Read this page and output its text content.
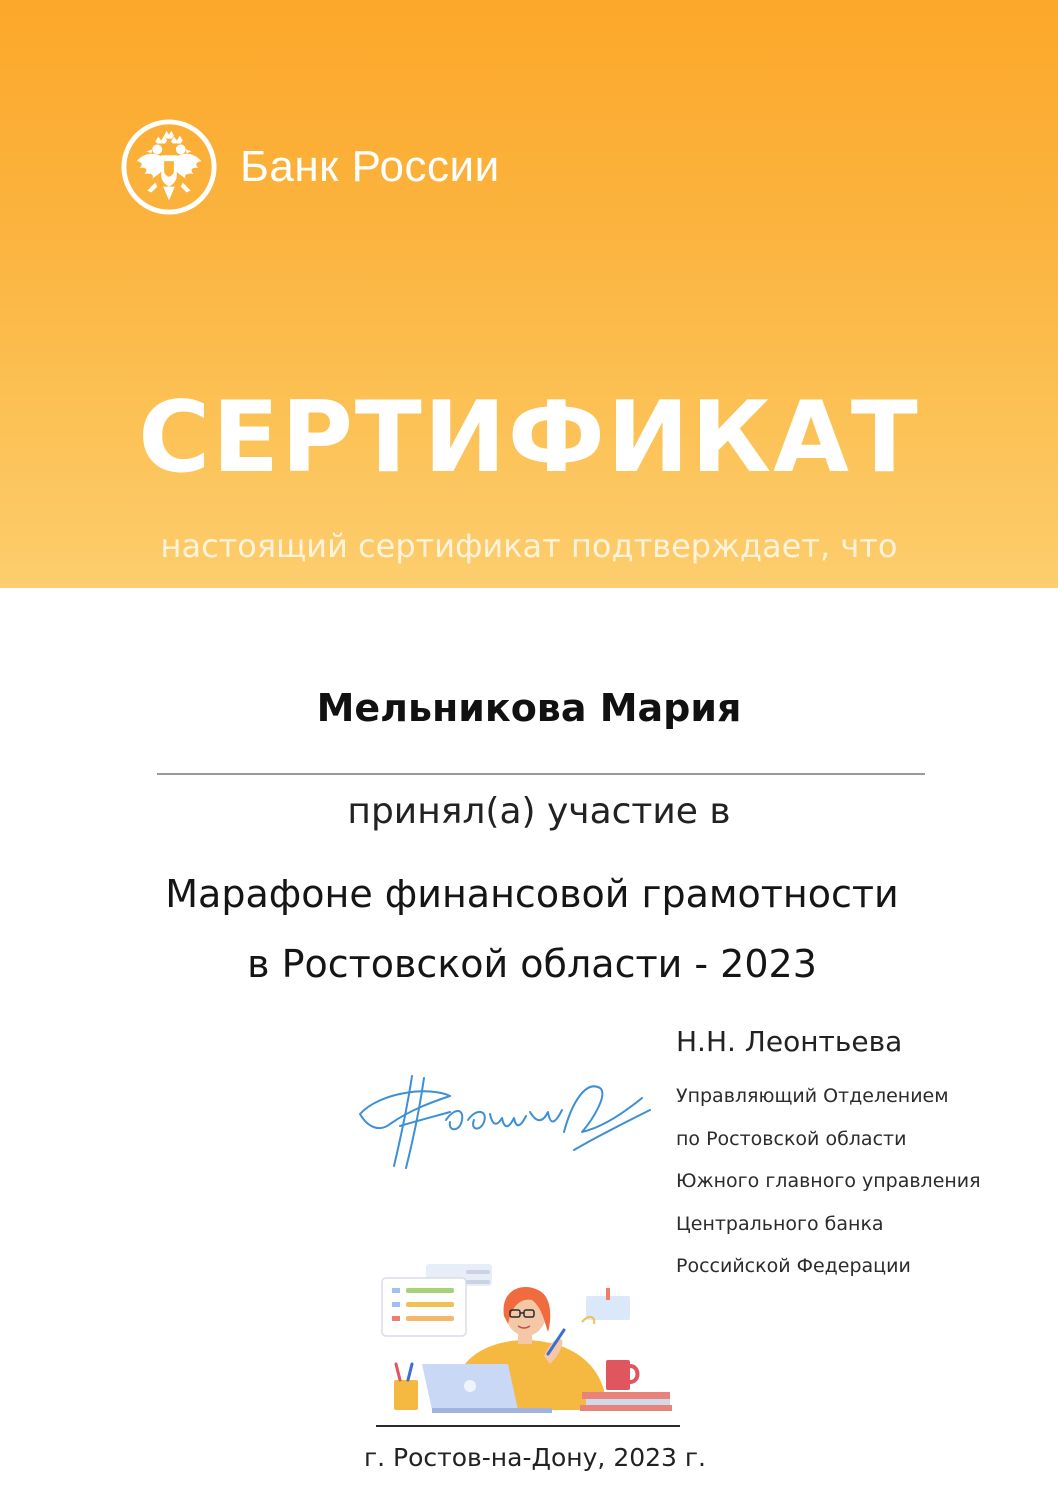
Банк России
СЕРТИФИКАТ
настоящий сертификат подтверждает, что
Мельникова Мария
принял(а) участие в
Марафоне финансовой грамотности
в Ростовской области - 2023
Н.Н. Леонтьева
Управляющий Отделением
по Ростовской области
Южного главного управления
Центрального банка
Российской Федерации
г. Ростов-на-Дону, 2023 г.
